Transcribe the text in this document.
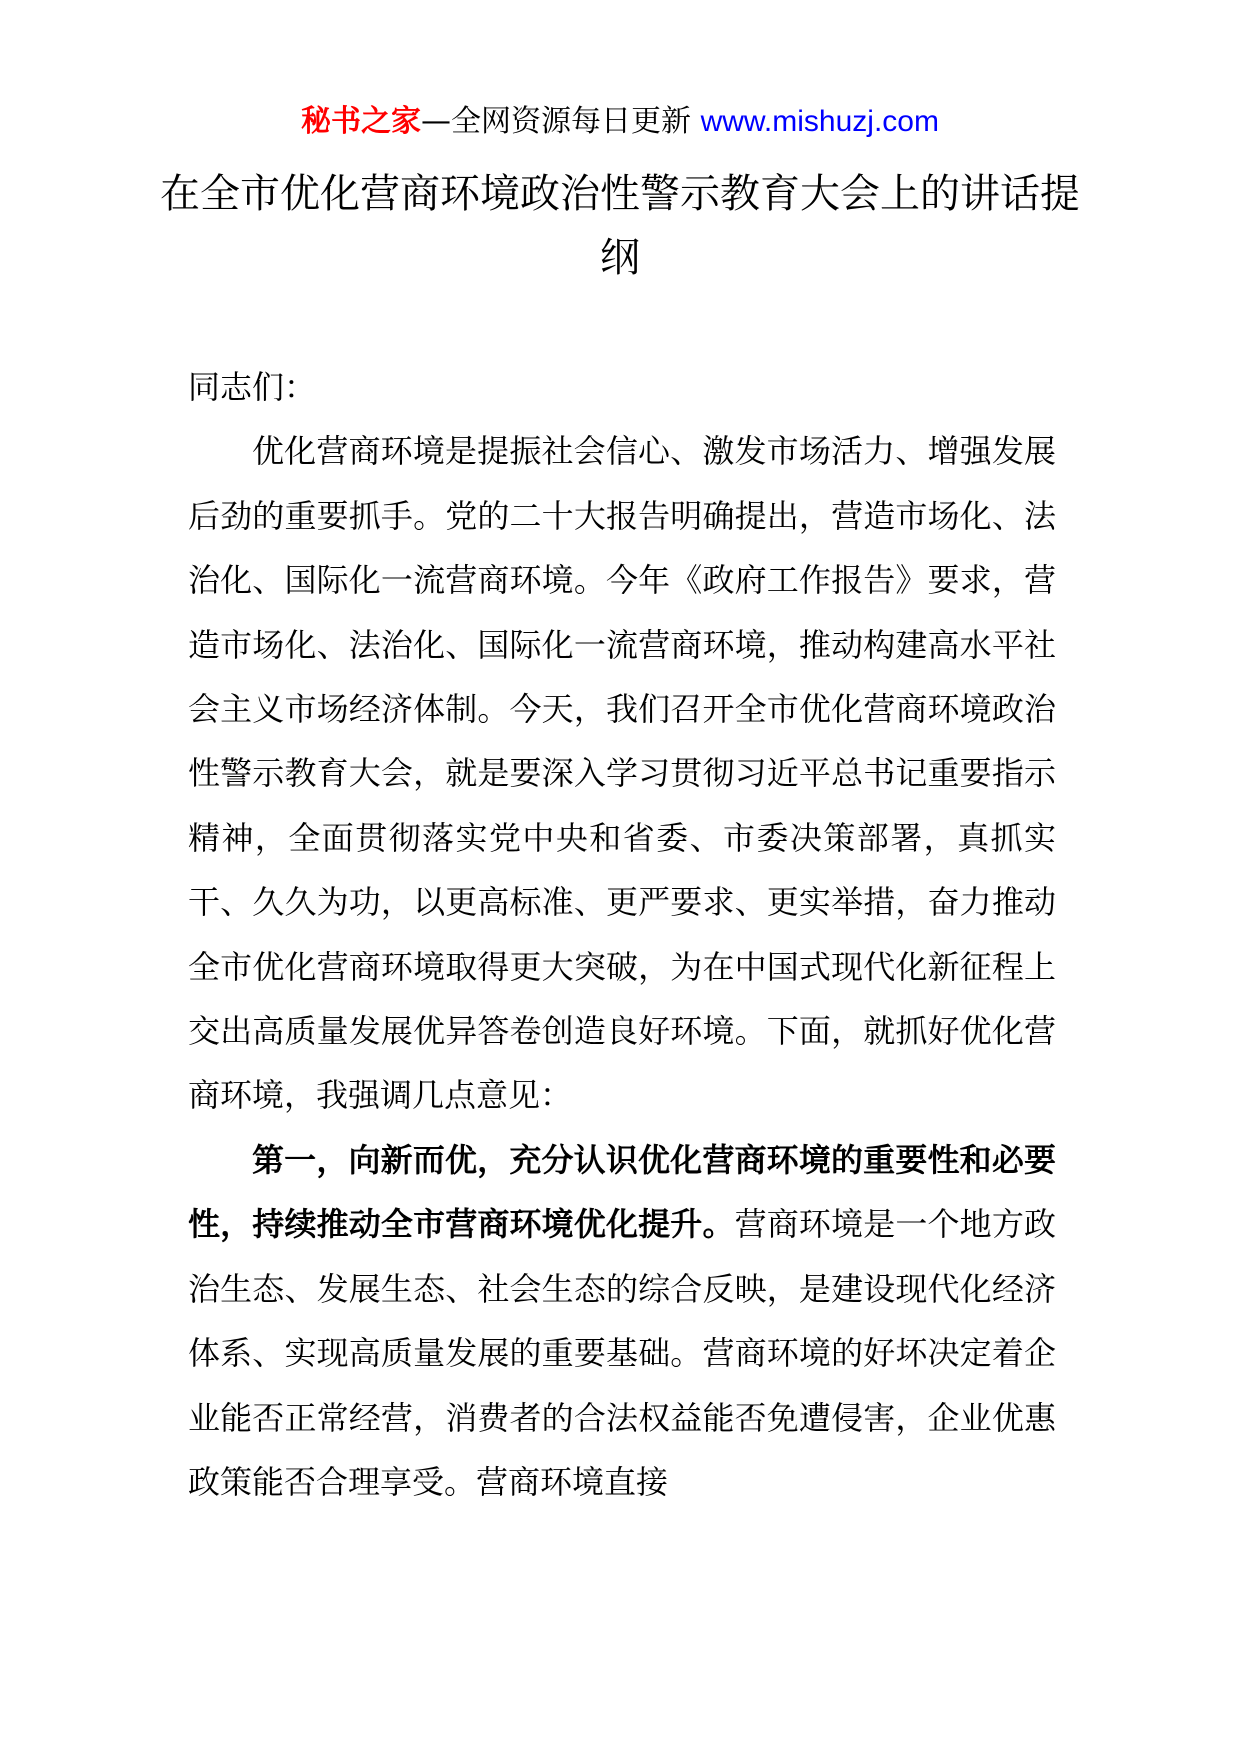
秘书之家—全网资源每日更新 www.mishuzj.com
在全市优化营商环境政治性警示教育大会上的讲话提纲

同志们：

优化营商环境是提振社会信心、激发市场活力、增强发展后劲的重要抓手。党的二十大报告明确提出，营造市场化、法治化、国际化一流营商环境。今年《政府工作报告》要求，营造市场化、法治化、国际化一流营商环境，推动构建高水平社会主义市场经济体制。今天，我们召开全市优化营商环境政治性警示教育大会，就是要深入学习贯彻习近平总书记重要指示精神，全面贯彻落实党中央和省委、市委决策部署，真抓实干、久久为功，以更高标准、更严要求、更实举措，奋力推动全市优化营商环境取得更大突破，为在中国式现代化新征程上交出高质量发展优异答卷创造良好环境。下面，就抓好优化营商环境，我强调几点意见：

第一，向新而优，充分认识优化营商环境的重要性和必要性，持续推动全市营商环境优化提升。营商环境是一个地方政治生态、发展生态、社会生态的综合反映，是建设现代化经济体系、实现高质量发展的重要基础。营商环境的好坏决定着企业能否正常经营，消费者的合法权益能否免遭侵害，企业优惠政策能否合理享受。营商环境直接
